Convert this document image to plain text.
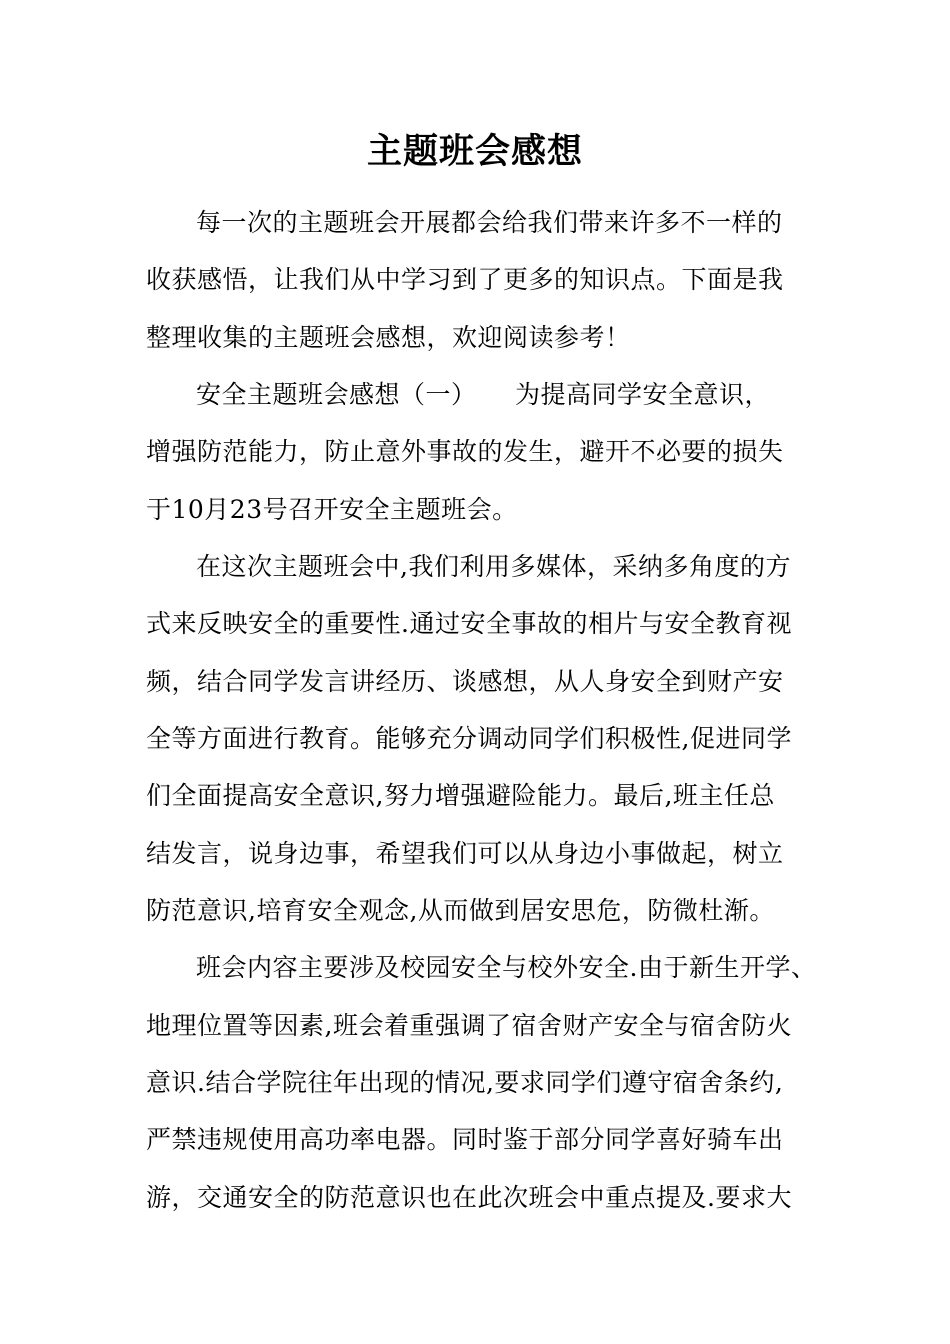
主题班会感想
每一次的主题班会开展都会给我们带来许多不一样的
收获感悟，让我们从中学习到了更多的知识点。下面是我
整理收集的主题班会感想，欢迎阅读参考！
安全主题班会感想（一）　　为提高同学安全意识，
增强防范能力，防止意外事故的发生，避开不必要的损失
于10月23号召开安全主题班会。
在这次主题班会中,我们利用多媒体，采纳多角度的方
式来反映安全的重要性.通过安全事故的相片与安全教育视
频，结合同学发言讲经历、谈感想，从人身安全到财产安
全等方面进行教育。能够充分调动同学们积极性,促进同学
们全面提高安全意识,努力增强避险能力。最后,班主任总
结发言，说身边事，希望我们可以从身边小事做起，树立
防范意识,培育安全观念,从而做到居安思危，防微杜渐。
班会内容主要涉及校园安全与校外安全.由于新生开学、
地理位置等因素,班会着重强调了宿舍财产安全与宿舍防火
意识.结合学院往年出现的情况,要求同学们遵守宿舍条约,
严禁违规使用高功率电器。同时鉴于部分同学喜好骑车出
游，交通安全的防范意识也在此次班会中重点提及.要求大
